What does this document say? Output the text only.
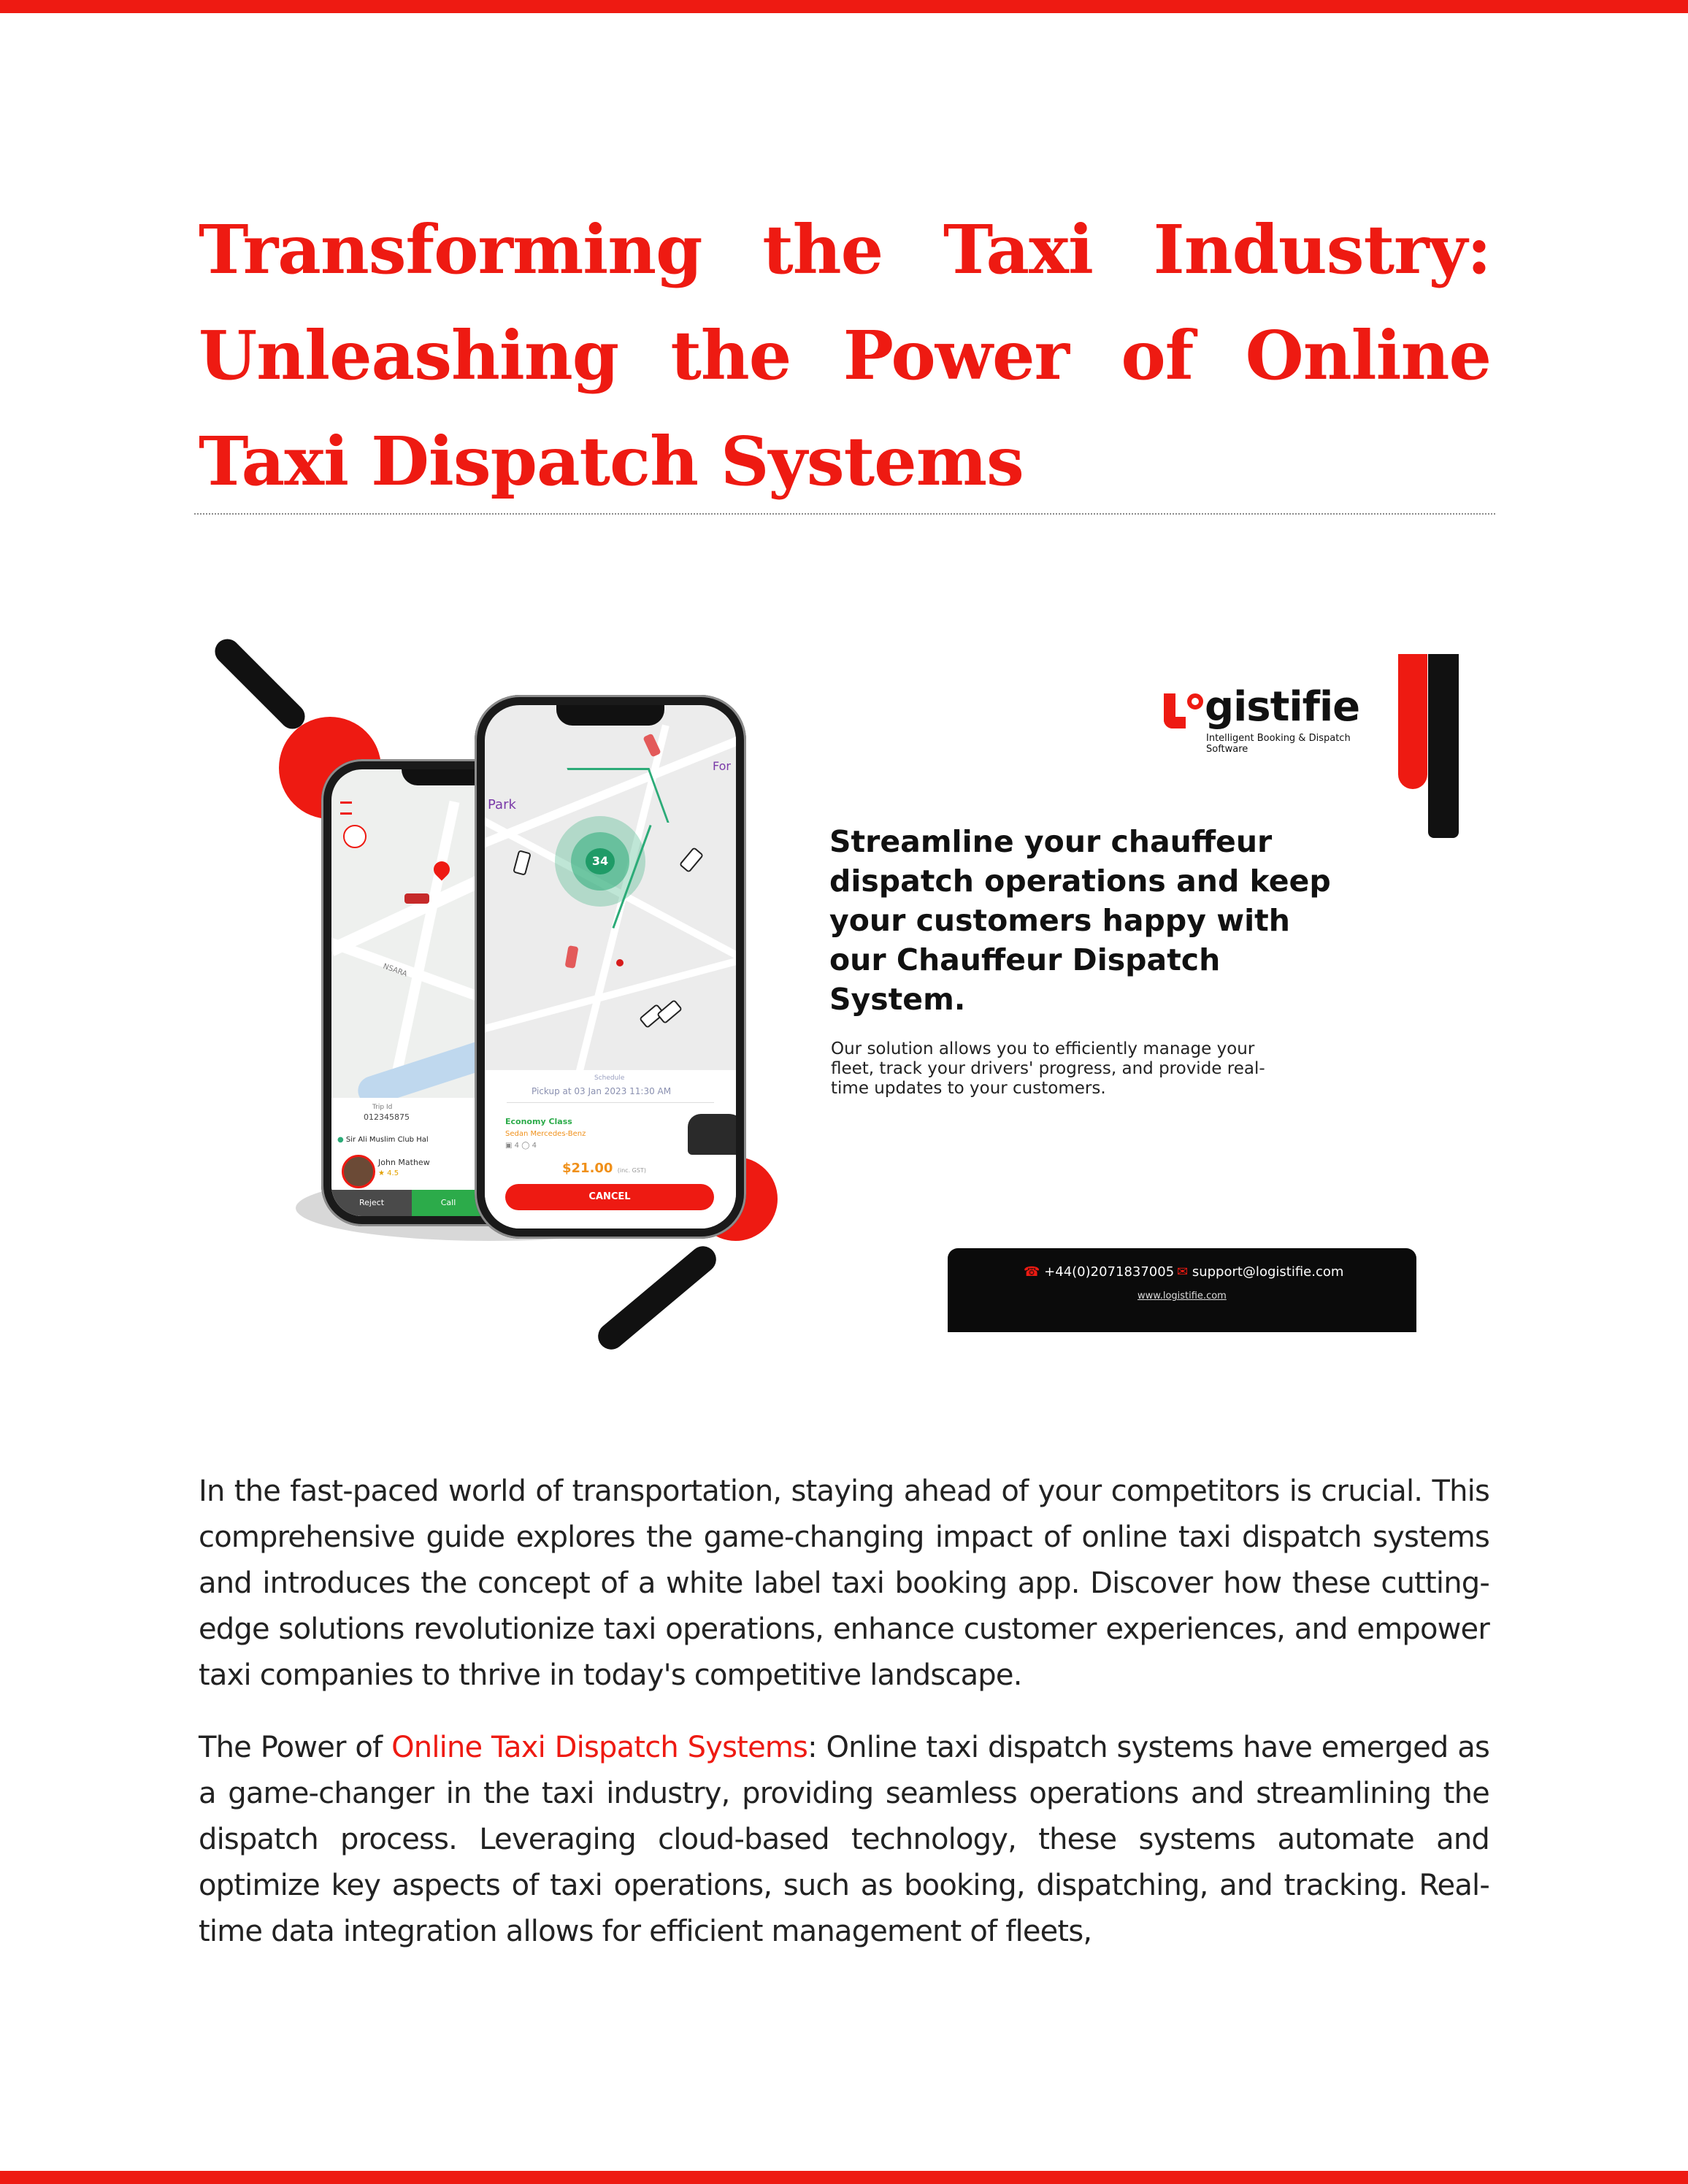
Transforming the Taxi Industry: Unleashing the Power of Online Taxi Dispatch Systems
NSARA
Trip Id
012345875
● Sir Ali Muslim Club Hal
John Mathew
★ 4.5
Reject	Call
Park
For
34
Schedule
Pickup at 03 Jan 2023 11:30 AM
Economy Class
Sedan Mercedes-Benz
▣ 4 ◯ 4
$21.00 (inc. GST)
CANCEL
gistifie
Intelligent Booking & Dispatch Software
Streamline your chauffeur dispatch operations and keep your customers happy with our Chauffeur Dispatch System.
Our solution allows you to efficiently manage your fleet, track your drivers' progress, and provide real-time updates to your customers.
☎ +44(0)2071837005 ✉ support@logistifie.com
www.logistifie.com

In the fast-paced world of transportation, staying ahead of your competitors is crucial. This comprehensive guide explores the game-changing impact of online taxi dispatch systems and introduces the concept of a white label taxi booking app. Discover how these cutting-edge solutions revolutionize taxi operations, enhance customer experiences, and empower taxi companies to thrive in today's competitive landscape.

The Power of Online Taxi Dispatch Systems: Online taxi dispatch systems have emerged as a game-changer in the taxi industry, providing seamless operations and streamlining the dispatch process. Leveraging cloud-based technology, these systems automate and optimize key aspects of taxi operations, such as booking, dispatching, and tracking. Real-time data integration allows for efficient management of fleets,
